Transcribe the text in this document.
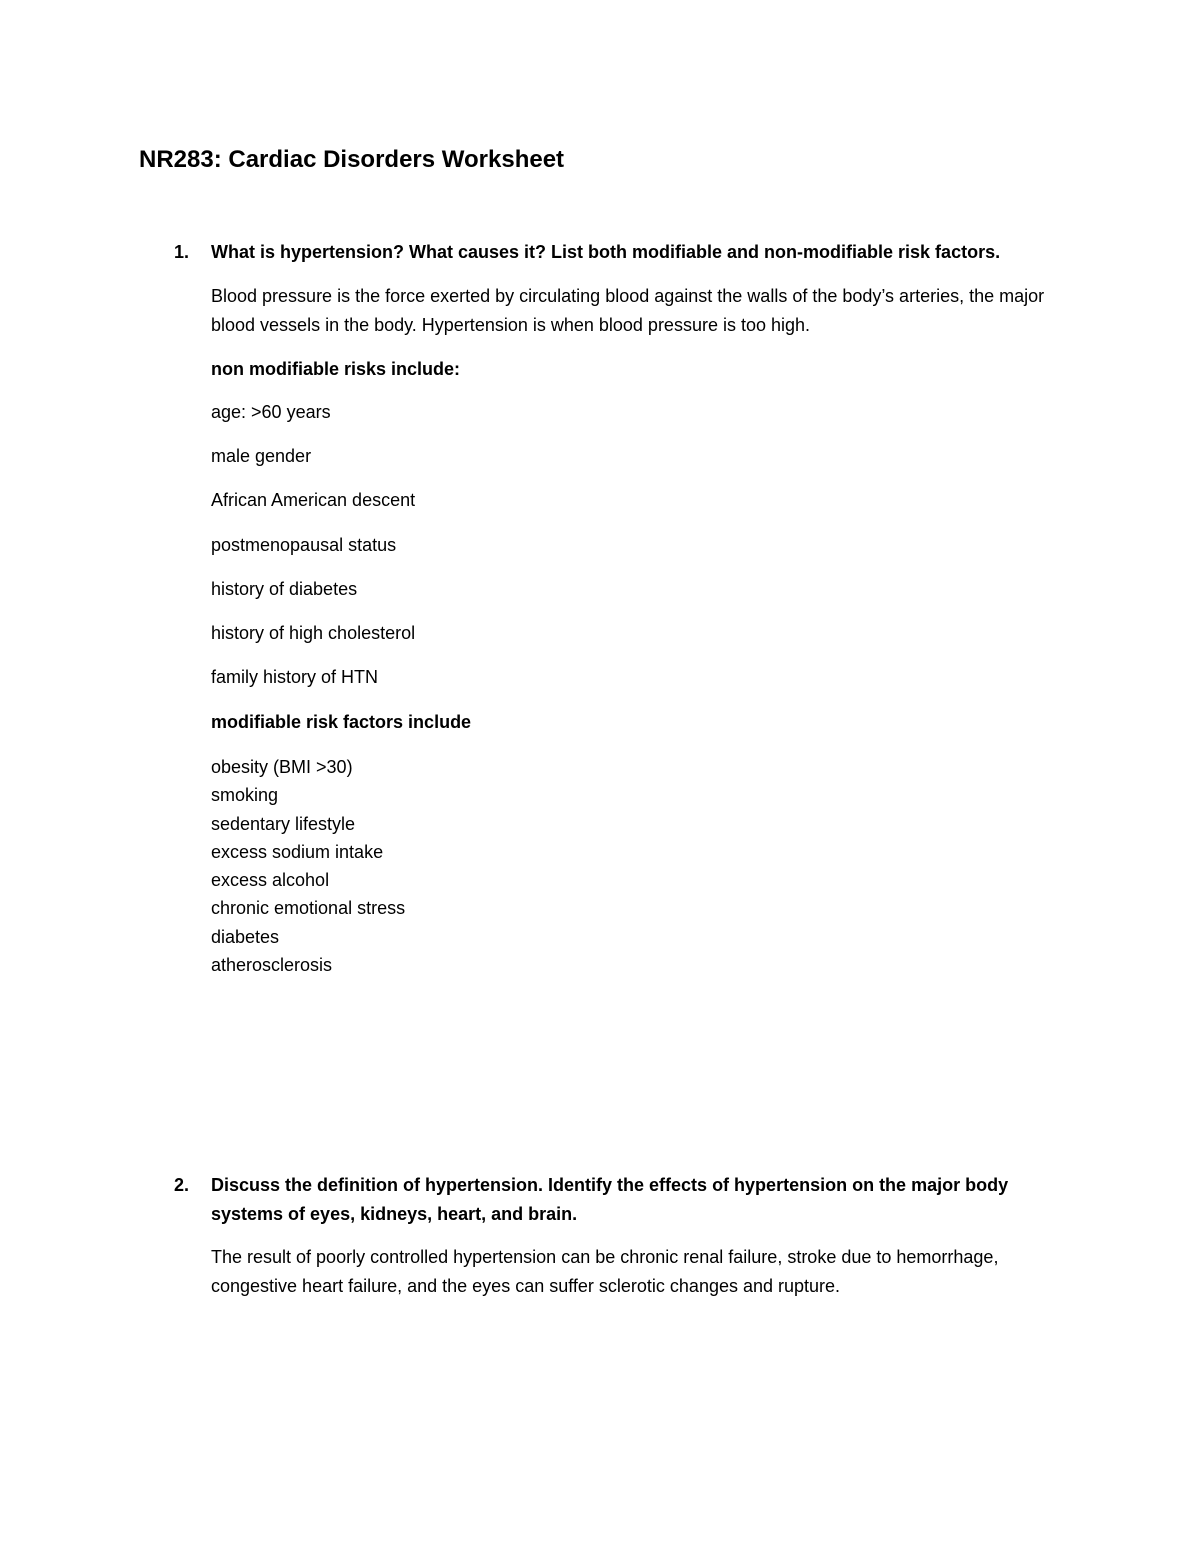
NR283: Cardiac Disorders Worksheet
1.	What is hypertension? What causes it? List both modifiable and non-modifiable risk factors.

Blood pressure is the force exerted by circulating blood against the walls of the body’s arteries, the major blood vessels in the body. Hypertension is when blood pressure is too high.

non modifiable risks include:

age: >60 years
male gender
African American descent
postmenopausal status
history of diabetes
history of high cholesterol
family history of HTN

modifiable risk factors include

obesity (BMI >30)
smoking
sedentary lifestyle
excess sodium intake
excess alcohol
chronic emotional stress
diabetes
atherosclerosis
2.	Discuss the definition of hypertension. Identify the effects of hypertension on the major body systems of eyes, kidneys, heart, and brain.

The result of poorly controlled hypertension can be chronic renal failure, stroke due to hemorrhage, congestive heart failure, and the eyes can suffer sclerotic changes and rupture.
